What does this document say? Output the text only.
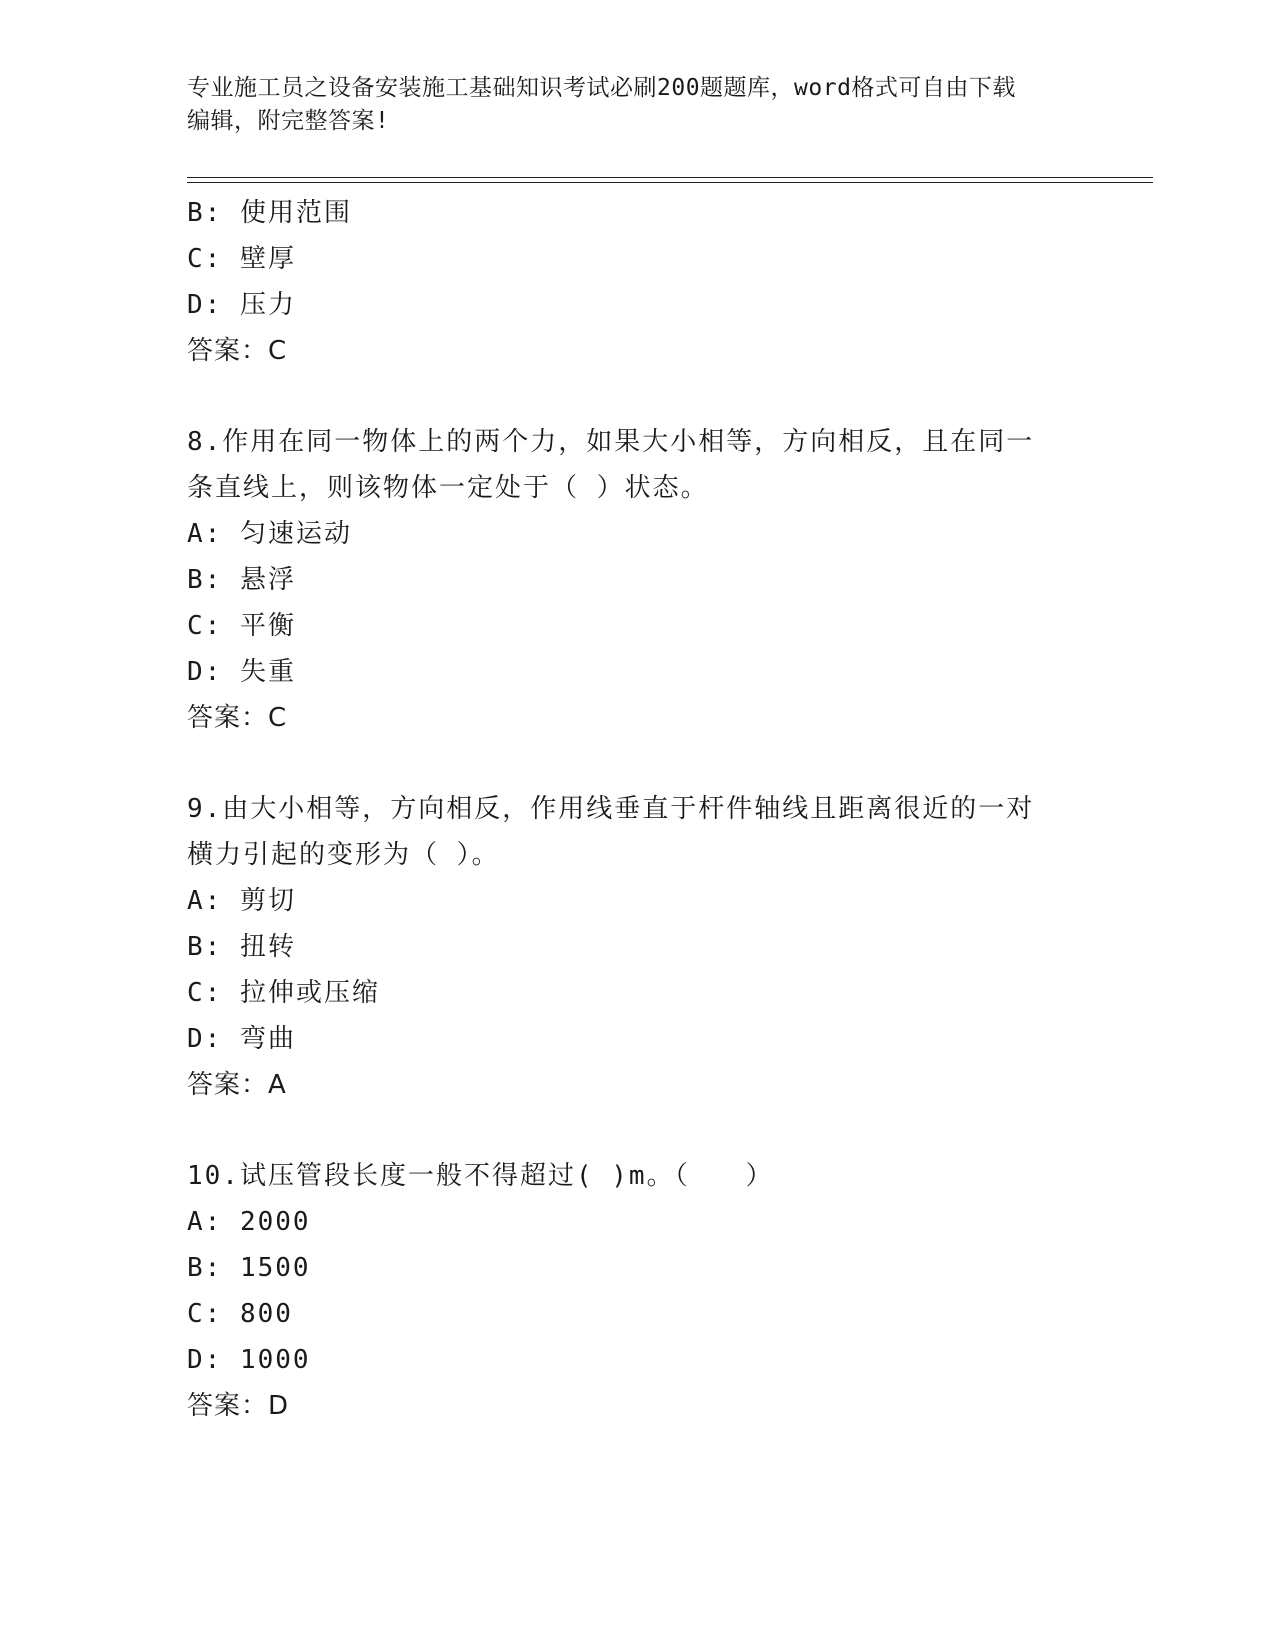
专业施工员之设备安装施工基础知识考试必刷200题题库，word格式可自由下载
编辑，附完整答案!
B: 使用范围
C: 壁厚
D: 压力
答案：C
8.作用在同一物体上的两个力，如果大小相等，方向相反，且在同一
条直线上，则该物体一定处于（ ）状态。
A: 匀速运动
B: 悬浮
C: 平衡
D: 失重
答案：C
9.由大小相等，方向相反，作用线垂直于杆件轴线且距离很近的一对
横力引起的变形为（ ）。
A: 剪切
B: 扭转
C: 拉伸或压缩
D: 弯曲
答案：A
10.试压管段长度一般不得超过( )m。（　　）
A: 2000
B: 1500
C: 800
D: 1000
答案：D
